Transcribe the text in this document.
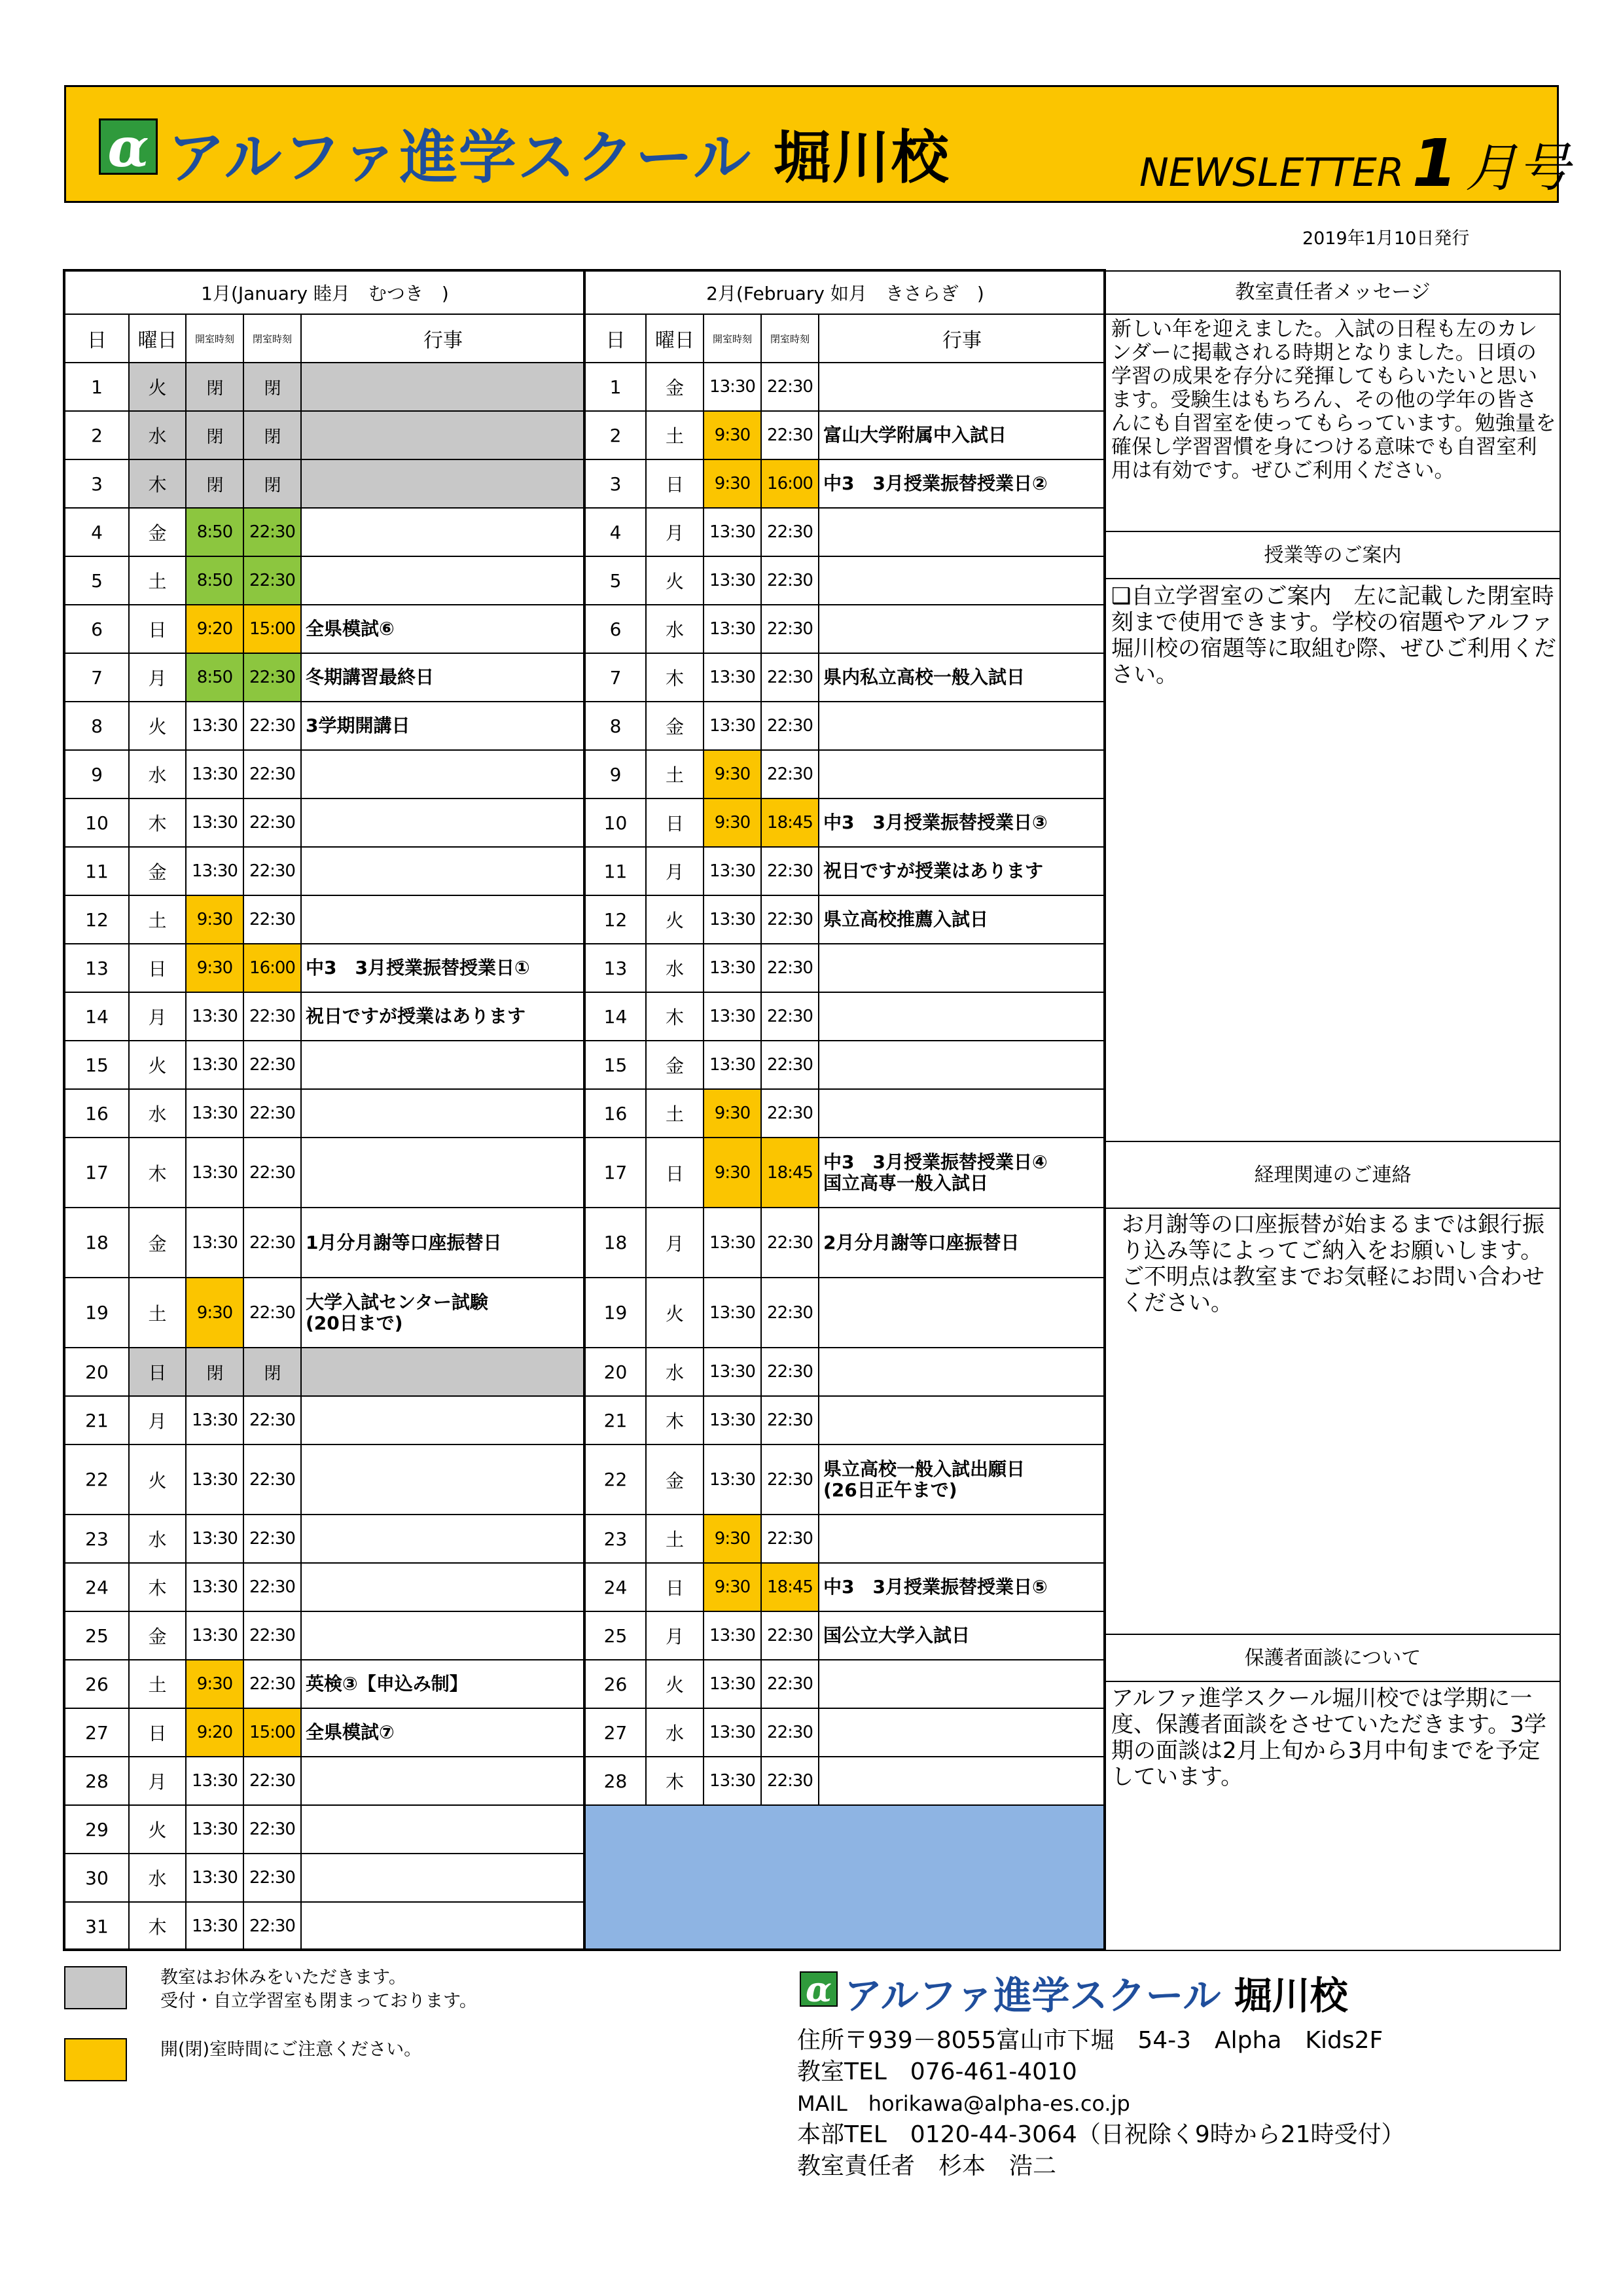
α アルファ進学スクール 堀川校	NEWSLETTER 1 月号
2019年1月10日発行
1月(January 睦月　むつき　)				
日	曜日	開室時刻	閉室時刻	行事
1	火	閉	閉	

2	水	閉	閉	

3	木	閉	閉	

4	金	8:50	22:30	

5	土	8:50	22:30	

6	日	9:20	15:00	全県模試⑥

7	月	8:50	22:30	冬期講習最終日

8	火	13:30	22:30	3学期開講日

9	水	13:30	22:30	

10	木	13:30	22:30	

11	金	13:30	22:30	

12	土	9:30	22:30	

13	日	9:30	16:00	中3　3月授業振替授業日①

14	月	13:30	22:30	祝日ですが授業はあります

15	火	13:30	22:30	

16	水	13:30	22:30	

17	木	13:30	22:30	

18	金	13:30	22:30	1月分月謝等口座振替日

19	土	9:30	22:30	大学入試センター試験
(20日まで)

20	日	閉	閉	

21	月	13:30	22:30	

22	火	13:30	22:30	

23	水	13:30	22:30	

24	木	13:30	22:30	

25	金	13:30	22:30	

26	土	9:30	22:30	英検③【申込み制】

27	日	9:20	15:00	全県模試⑦

28	月	13:30	22:30	

29	火	13:30	22:30	

30	水	13:30	22:30	

31	木	13:30	22:30	
2月(February 如月　きさらぎ　)				
日	曜日	開室時刻	閉室時刻	行事
1	金	13:30	22:30	

2	土	9:30	22:30	富山大学附属中入試日

3	日	9:30	16:00	中3　3月授業振替授業日②

4	月	13:30	22:30	

5	火	13:30	22:30	

6	水	13:30	22:30	

7	木	13:30	22:30	県内私立高校一般入試日

8	金	13:30	22:30	

9	土	9:30	22:30	

10	日	9:30	18:45	中3　3月授業振替授業日③

11	月	13:30	22:30	祝日ですが授業はあります

12	火	13:30	22:30	県立高校推薦入試日

13	水	13:30	22:30	

14	木	13:30	22:30	

15	金	13:30	22:30	

16	土	9:30	22:30	

17	日	9:30	18:45	中3　3月授業振替授業日④
国立高専一般入試日

18	月	13:30	22:30	2月分月謝等口座振替日

19	火	13:30	22:30	

20	水	13:30	22:30	

21	木	13:30	22:30	

22	金	13:30	22:30	県立高校一般入試出願日
(26日正午まで)

23	土	9:30	22:30	

24	日	9:30	18:45	中3　3月授業振替授業日⑤

25	月	13:30	22:30	国公立大学入試日

26	火	13:30	22:30	

27	水	13:30	22:30	

28	木	13:30	22:30	

教室責任者メッセージ
新しい年を迎えました。入試の日程も左のカレンダーに掲載される時期となりました。日頃の学習の成果を存分に発揮してもらいたいと思います。受験生はもちろん、その他の学年の皆さんにも自習室を使ってもらっています。勉強量を確保し学習習慣を身につける意味でも自習室利用は有効です。ぜひご利用ください。
授業等のご案内
❑自立学習室のご案内　左に記載した閉室時刻まで使用できます。学校の宿題やアルファ堀川校の宿題等に取組む際、ぜひご利用ください。
経理関連のご連絡
お月謝等の口座振替が始まるまでは銀行振り込み等によってご納入をお願いします。ご不明点は教室までお気軽にお問い合わせください。
保護者面談について
アルファ進学スクール堀川校では学期に一度、保護者面談をさせていただきます。3学期の面談は2月上旬から3月中旬までを予定しています。
教室はお休みをいただきます。
受付・自立学習室も閉まっております。
開(閉)室時間にご注意ください。
α アルファ進学スクール 堀川校
住所〒939－8055富山市下堀　54-3　Alpha　Kids2F
教室TEL　076-461-4010
MAIL　horikawa@alpha-es.co.jp
本部TEL　0120-44-3064（日祝除く9時から21時受付）
教室責任者　杉本　浩二
